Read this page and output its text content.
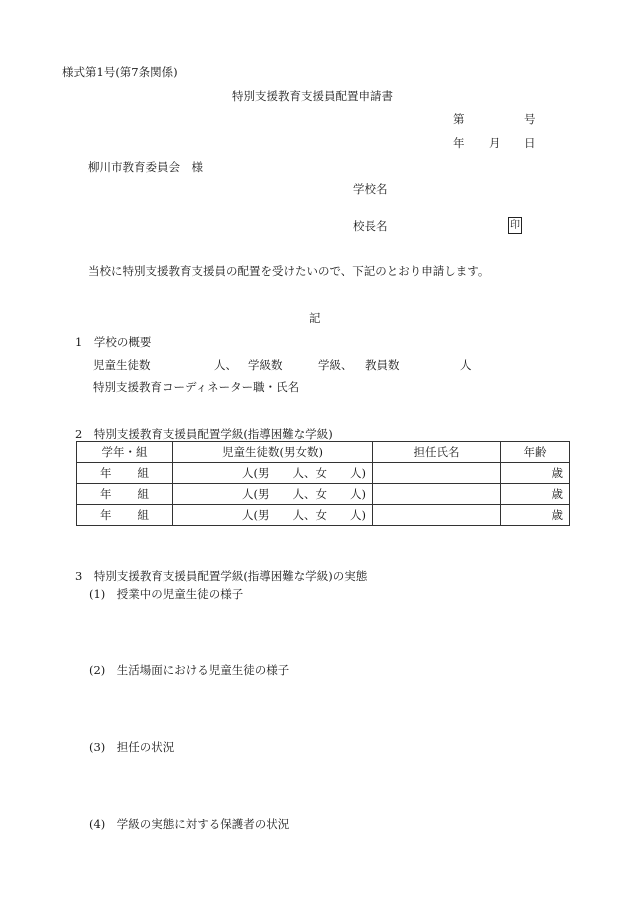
様式第1号(第7条関係)
特別支援教育支援員配置申請書
第	号
年 月 日
柳川市教育委員会　様
学校名
校長名	印
当校に特別支援教育支援員の配置を受けたいので、下記のとおり申請します。
記
1　学校の概要
児童生徒数	人、 学級数	学級、 教員数	人
特別支援教育コーディネーター職・氏名
2　特別支援教育支援員配置学級(指導困難な学級)
学年・組	児童生徒数(男女数)	担任氏名	年齢
年 組	人(男　　人、女　　人)		歳
年 組	人(男　　人、女　　人)		歳
年 組	人(男　　人、女　　人)		歳
3　特別支援教育支援員配置学級(指導困難な学級)の実態
(1)　授業中の児童生徒の様子
(2)　生活場面における児童生徒の様子
(3)　担任の状況
(4)　学級の実態に対する保護者の状況
